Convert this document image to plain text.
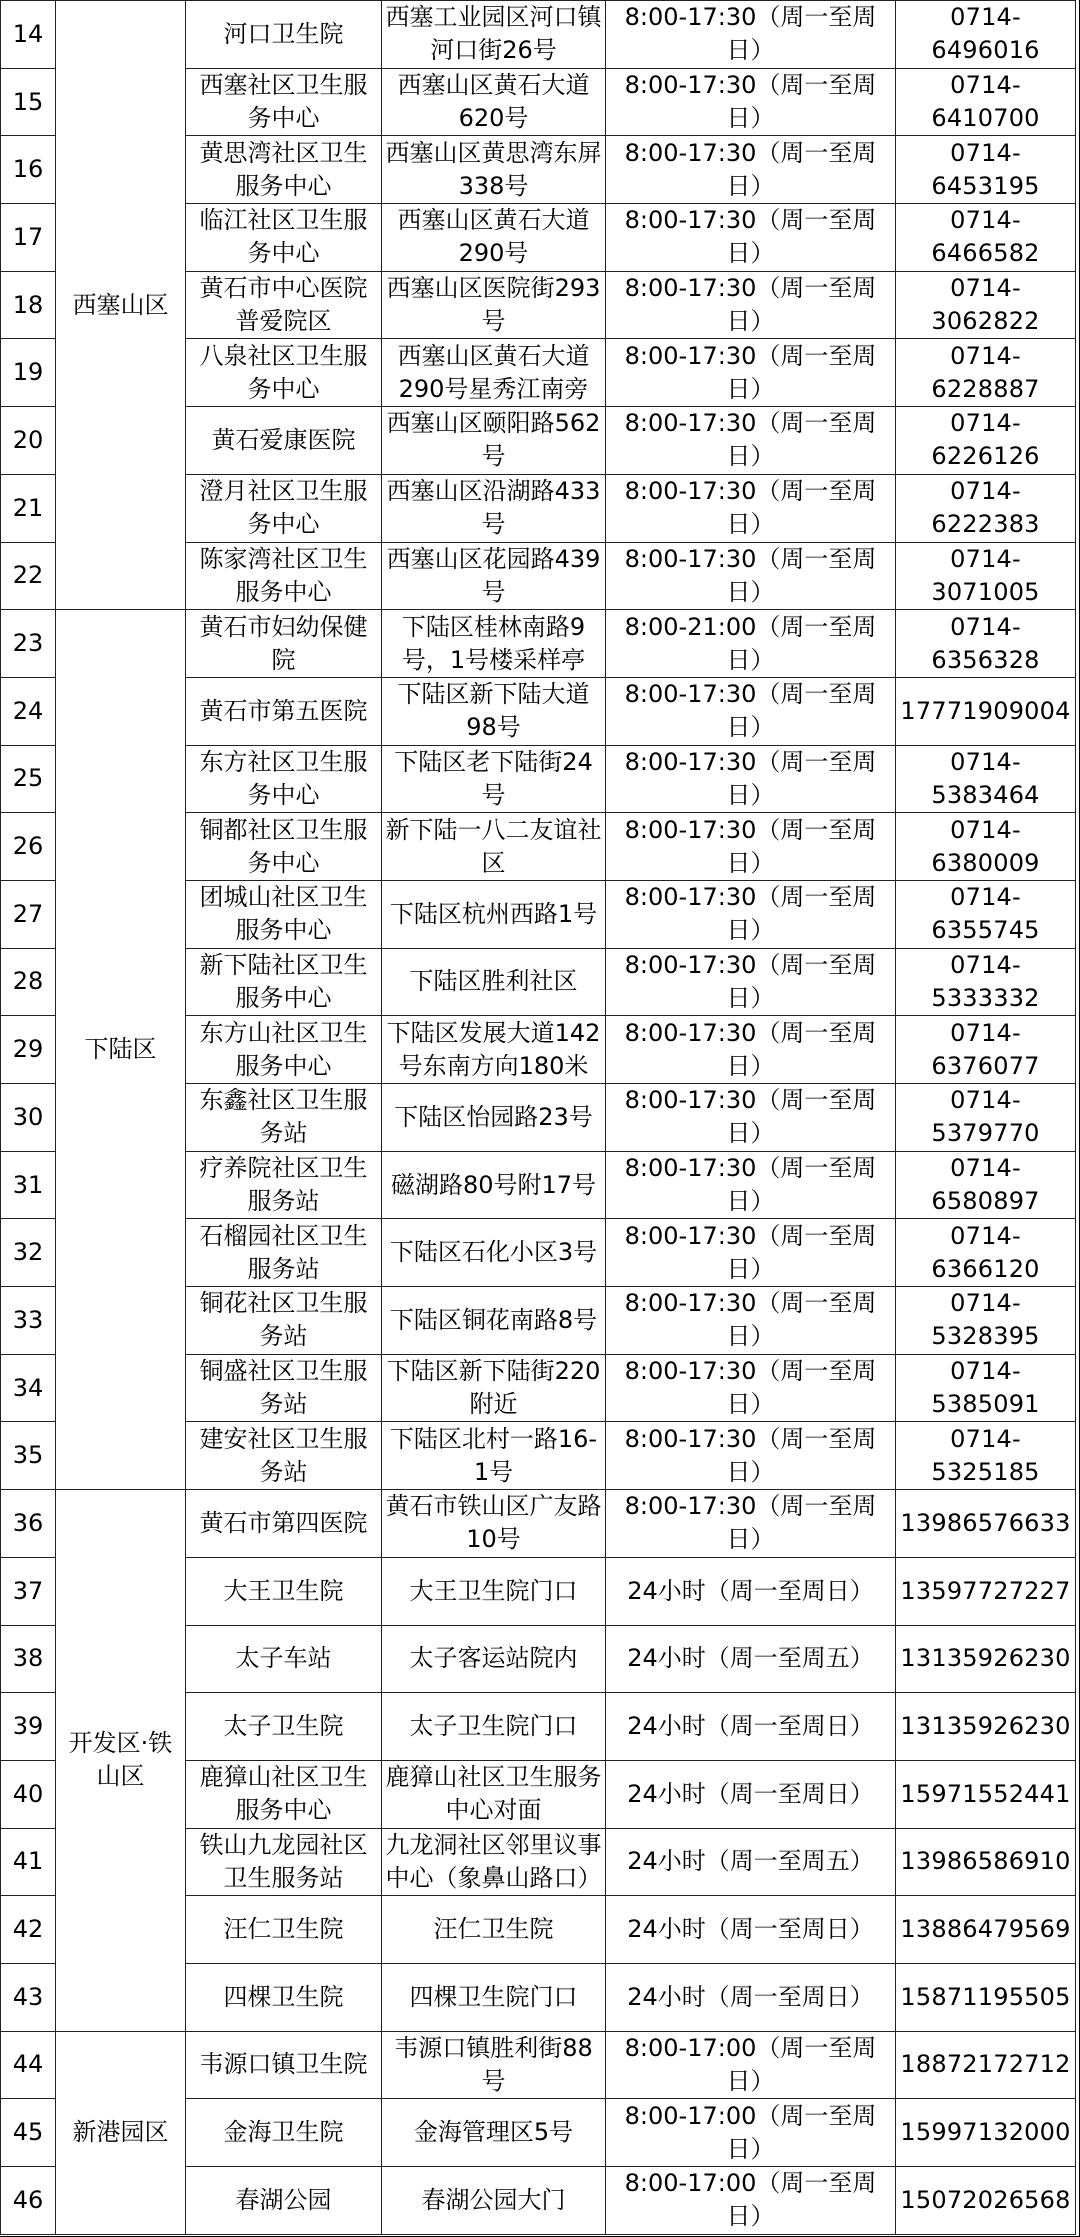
14	西塞山区	河口卫生院	西塞工业园区河口镇河口街26号	8:00-17:30（周一至周日）	0714-6496016
15		西塞社区卫生服务中心	西塞山区黄石大道620号	8:00-17:30（周一至周日）	0714-6410700
16		黄思湾社区卫生服务中心	西塞山区黄思湾东屏338号	8:00-17:30（周一至周日）	0714-6453195
17		临江社区卫生服务中心	西塞山区黄石大道290号	8:00-17:30（周一至周日）	0714-6466582
18		黄石市中心医院普爱院区	西塞山区医院街293号	8:00-17:30（周一至周日）	0714-3062822
19		八泉社区卫生服务中心	西塞山区黄石大道290号星秀江南旁	8:00-17:30（周一至周日）	0714-6228887
20		黄石爱康医院	西塞山区颐阳路562号	8:00-17:30（周一至周日）	0714-6226126
21		澄月社区卫生服务中心	西塞山区沿湖路433号	8:00-17:30（周一至周日）	0714-6222383
22		陈家湾社区卫生服务中心	西塞山区花园路439号	8:00-17:30（周一至周日）	0714-3071005
23	下陆区	黄石市妇幼保健院	下陆区桂林南路9号，1号楼采样亭	8:00-21:00（周一至周日）	0714-6356328
24		黄石市第五医院	下陆区新下陆大道98号	8:00-17:30（周一至周日）	17771909004
25		东方社区卫生服务中心	下陆区老下陆街24号	8:00-17:30（周一至周日）	0714-5383464
26		铜都社区卫生服务中心	新下陆一八二友谊社区	8:00-17:30（周一至周日）	0714-6380009
27		团城山社区卫生服务中心	下陆区杭州西路1号	8:00-17:30（周一至周日）	0714-6355745
28		新下陆社区卫生服务中心	下陆区胜利社区	8:00-17:30（周一至周日）	0714-5333332
29		东方山社区卫生服务中心	下陆区发展大道142号东南方向180米	8:00-17:30（周一至周日）	0714-6376077
30		东鑫社区卫生服务站	下陆区怡园路23号	8:00-17:30（周一至周日）	0714-5379770
31		疗养院社区卫生服务站	磁湖路80号附17号	8:00-17:30（周一至周日）	0714-6580897
32		石榴园社区卫生服务站	下陆区石化小区3号	8:00-17:30（周一至周日）	0714-6366120
33		铜花社区卫生服务站	下陆区铜花南路8号	8:00-17:30（周一至周日）	0714-5328395
34		铜盛社区卫生服务站	下陆区新下陆街220附近	8:00-17:30（周一至周日）	0714-5385091
35		建安社区卫生服务站	下陆区北村一路16-1号	8:00-17:30（周一至周日）	0714-5325185
36	开发区·铁山区	黄石市第四医院	黄石市铁山区广友路10号	8:00-17:30（周一至周日）	13986576633
37		大王卫生院	大王卫生院门口	24小时（周一至周日）	13597727227
38		太子车站	太子客运站院内	24小时（周一至周五）	13135926230
39		太子卫生院	太子卫生院门口	24小时（周一至周日）	13135926230
40		鹿獐山社区卫生服务中心	鹿獐山社区卫生服务中心对面	24小时（周一至周日）	15971552441
41		铁山九龙园社区卫生服务站	九龙洞社区邻里议事中心（象鼻山路口）	24小时（周一至周五）	13986586910
42		汪仁卫生院	汪仁卫生院	24小时（周一至周日）	13886479569
43		四棵卫生院	四棵卫生院门口	24小时（周一至周日）	15871195505
44	新港园区	韦源口镇卫生院	韦源口镇胜利街88号	8:00-17:00（周一至周日）	18872172712
45		金海卫生院	金海管理区5号	8:00-17:00（周一至周日）	15997132000
46		春湖公园	春湖公园大门	8:00-17:00（周一至周日）	15072026568
